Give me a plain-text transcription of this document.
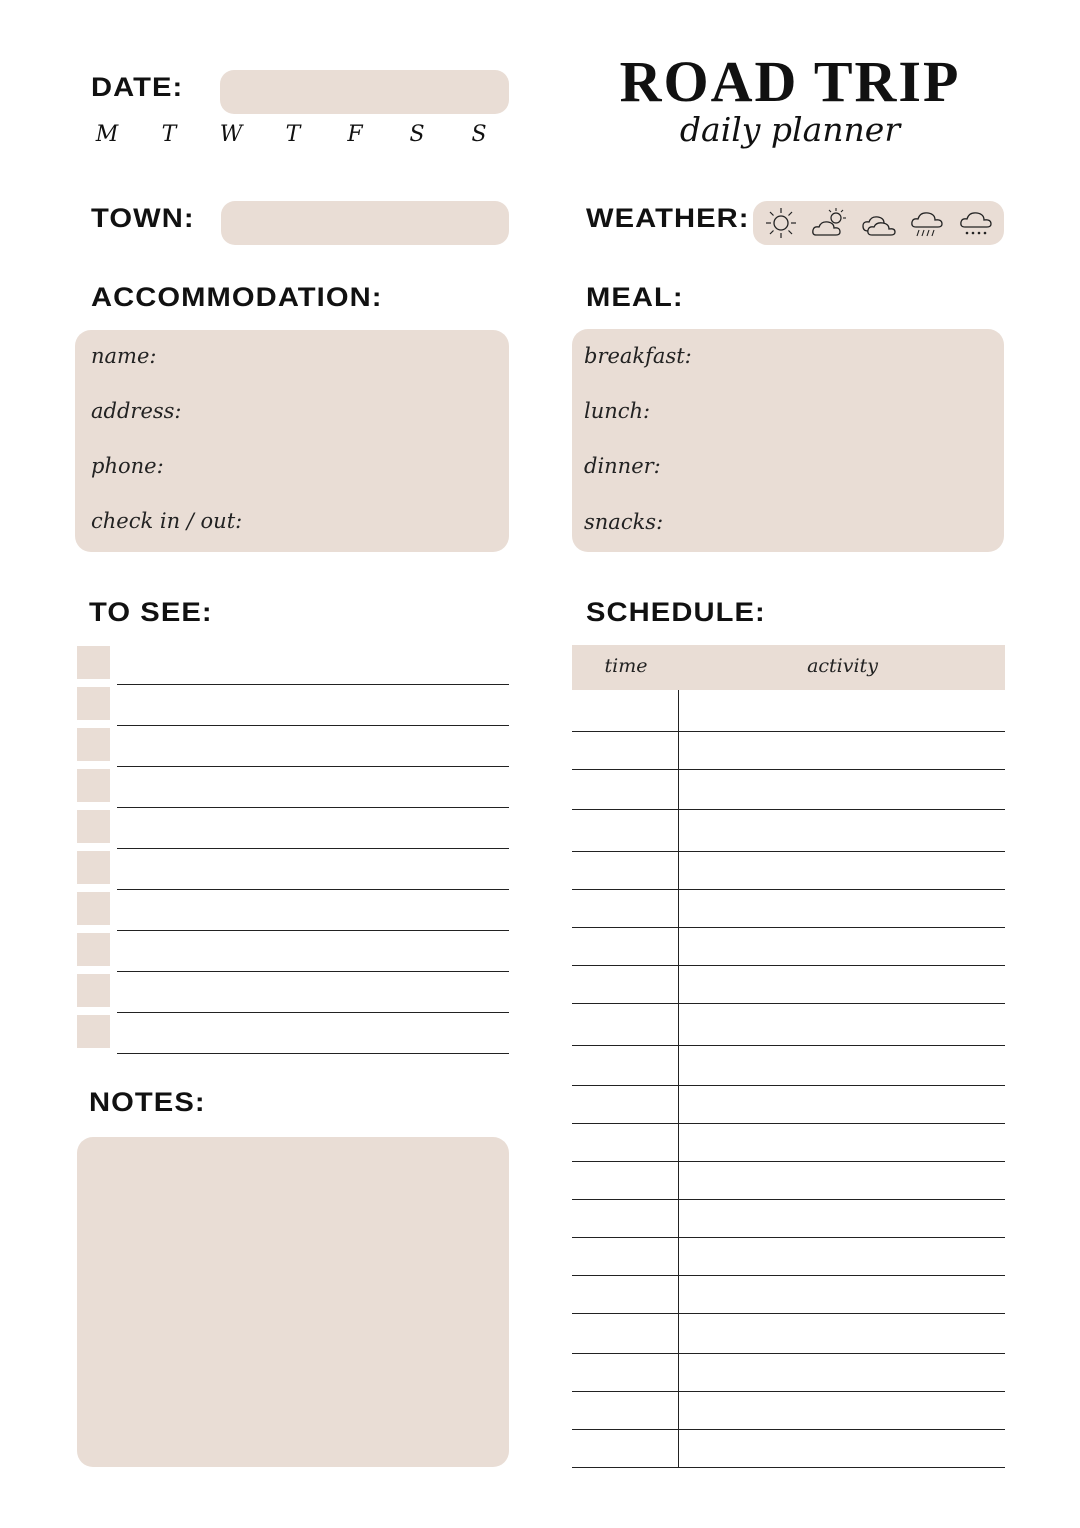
ROAD TRIP
daily planner
DATE:
M	T	W	T	F	S	S
TOWN:	WEATHER:
ACCOMMODATION:
name:
address:
phone:
check in / out:
MEAL:
breakfast:
lunch:
dinner:
snacks:
TO SEE:	SCHEDULE:
time	activity
NOTES:
